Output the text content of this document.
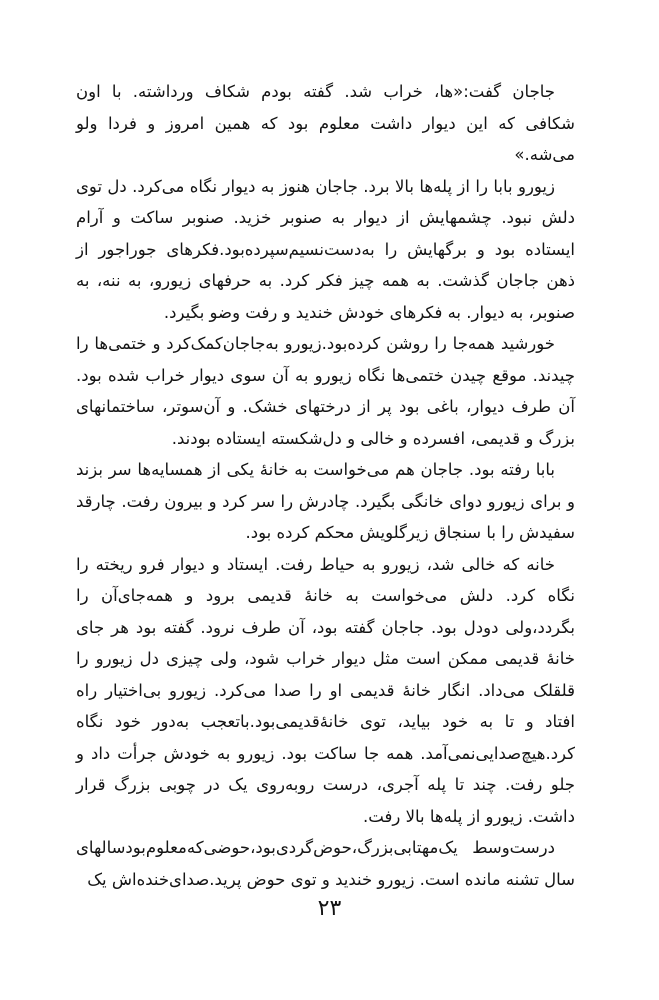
جاجان گفت:«ها، خراب شد. گفته بودم شکاف ورداشته. با اون شکافی که این دیوار داشت معلوم بود که همین امروز و فردا ولو می‌شه.»

زیورو بابا را از پله‌ها بالا برد. جاجان هنوز به دیوار نگاه می‌کرد. دل توی دلش نبود. چشمهایش از دیوار به صنوبر خزید. صنوبر ساکت و آرام ایستاده بود و برگهایش را به‌دست‌نسیم‌سپرده‌بود.فکرهای جوراجور از ذهن جاجان گذشت. به همه چیز فکر کرد. به حرفهای زیورو، به ننه، به صنوبر، به دیوار. به فکرهای خودش خندید و رفت وضو بگیرد.

خورشید همه‌جا را روشن کرده‌بود.زیورو به‌جاجان‌کمک‌کرد و ختمی‌ها را چیدند. موقع چیدن ختمی‌ها نگاه زیورو به آن سوی دیوار خراب شده بود. آن طرف دیوار، باغی بود پر از درختهای خشک. و آن‌سوتر، ساختمانهای بزرگ و قدیمی، افسرده و خالی و دل‌شکسته ایستاده بودند.

بابا رفته بود. جاجان هم می‌خواست به خانهٔ یکی از همسایه‌ها سر بزند و برای زیورو دوای خانگی بگیرد. چادرش را سر کرد و بیرون رفت. چارقد سفیدش را با سنجاق زیرگلویش محکم کرده بود.

خانه که خالی شد، زیورو به حیاط رفت. ایستاد و دیوار فرو ریخته را نگاه کرد. دلش می‌خواست به خانهٔ قدیمی برود و همه‌جای‌آن را بگردد،ولی دودل بود. جاجان گفته بود، آن طرف نرود. گفته بود هر جای خانهٔ قدیمی ممکن است مثل دیوار خراب شود، ولی چیزی دل زیورو را قلقلک می‌داد. انگار خانهٔ قدیمی او را صدا می‌کرد. زیورو بی‌اختیار راه افتاد و تا به خود بیاید، توی خانهٔ‌قدیمی‌بود.باتعجب به‌دور خود نگاه کرد.هیچ‌صدایی‌نمی‌آمد. همه جا ساکت بود. زیورو به خودش جرأت داد و جلو رفت. چند تا پله آجری، درست روبه‌روی یک در چوبی بزرگ قرار داشت. زیورو از پله‌ها بالا رفت.

درست‌وسط یک‌مهتابی‌بزرگ،حوض‌گردی‌بود،حوضی‌که‌معلوم‌بودسالهای سال تشنه مانده است. زیورو خندید و توی حوض پرید.صدای‌خنده‌اش یک

۲۳
